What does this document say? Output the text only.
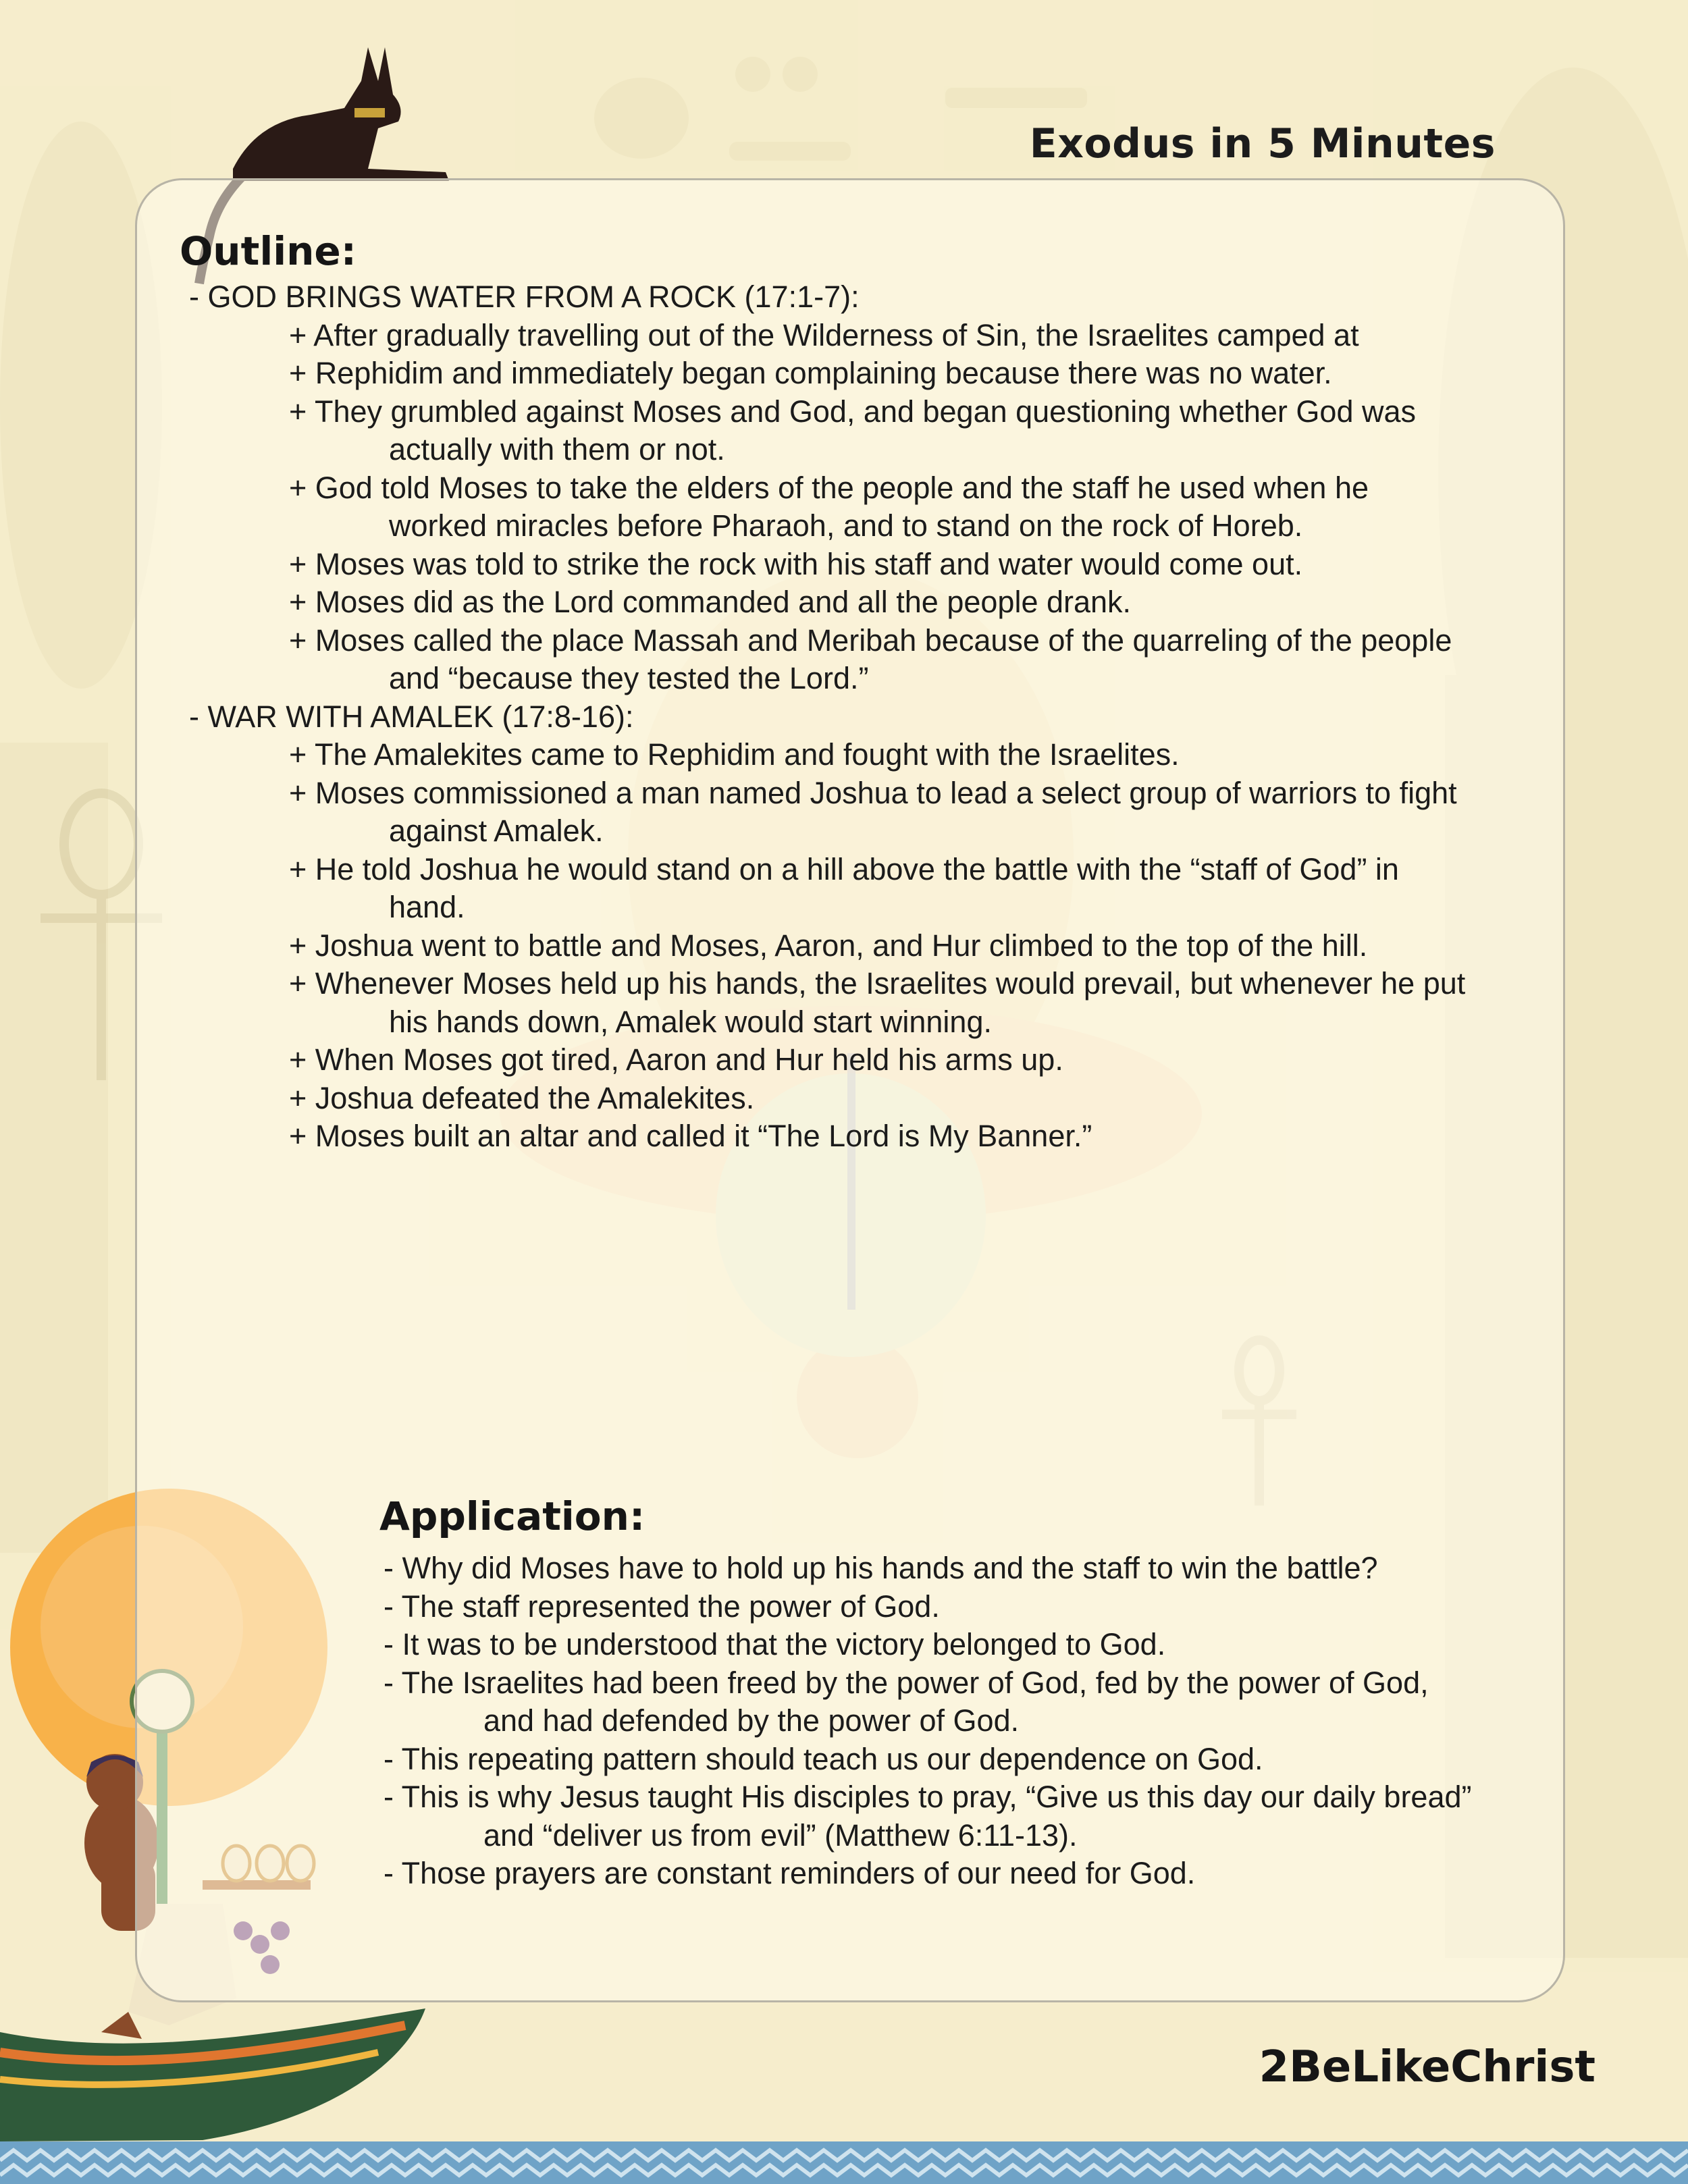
Exodus in 5 Minutes
Outline:
- GOD BRINGS WATER FROM A ROCK (17:1-7):
+ After gradually travelling out of the Wilderness of Sin, the Israelites camped at
+ Rephidim and immediately began complaining because there was no water.
+ They grumbled against Moses and God, and began questioning whether God was
actually with them or not.
+ God told Moses to take the elders of the people and the staff he used when he
worked miracles before Pharaoh, and to stand on the rock of Horeb.
+ Moses was told to strike the rock with his staff and water would come out.
+ Moses did as the Lord commanded and all the people drank.
+ Moses called the place Massah and Meribah because of the quarreling of the people
and “because they tested the Lord.”
- WAR WITH AMALEK (17:8-16):
+ The Amalekites came to Rephidim and fought with the Israelites.
+ Moses commissioned a man named Joshua to lead a select group of warriors to fight
against Amalek.
+ He told Joshua he would stand on a hill above the battle with the “staff of God” in
hand.
+ Joshua went to battle and Moses, Aaron, and Hur climbed to the top of the hill.
+ Whenever Moses held up his hands, the Israelites would prevail, but whenever he put
his hands down, Amalek would start winning.
+ When Moses got tired, Aaron and Hur held his arms up.
+ Joshua defeated the Amalekites.
+ Moses built an altar and called it “The Lord is My Banner.”
Application:
- Why did Moses have to hold up his hands and the staff to win the battle?
- The staff represented the power of God.
- It was to be understood that the victory belonged to God.
- The Israelites had been freed by the power of God, fed by the power of God,
and had defended by the power of God.
- This repeating pattern should teach us our dependence on God.
- This is why Jesus taught His disciples to pray, “Give us this day our daily bread”
and “deliver us from evil” (Matthew 6:11-13).
- Those prayers are constant reminders of our need for God.
2BeLikeChrist
